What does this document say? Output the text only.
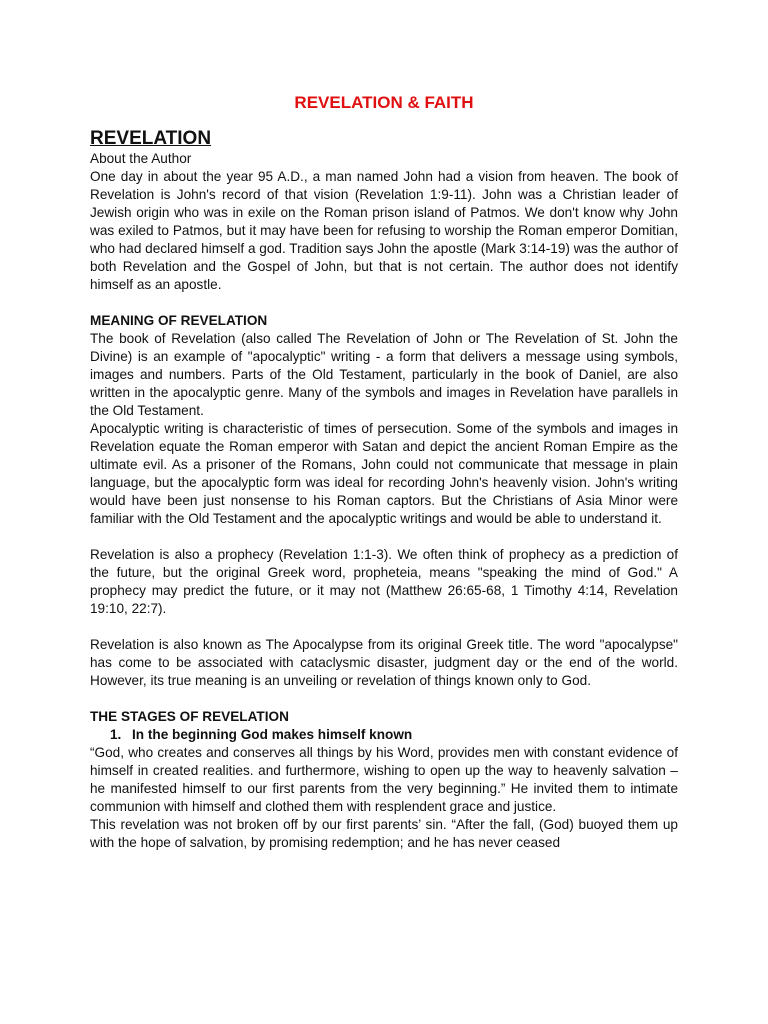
REVELATION & FAITH
REVELATION

About the Author

One day in about the year 95 A.D., a man named John had a vision from heaven. The book of Revelation is John's record of that vision (Revelation 1:9-11). John was a Christian leader of Jewish origin who was in exile on the Roman prison island of Patmos. We don't know why John was exiled to Patmos, but it may have been for refusing to worship the Roman emperor Domitian, who had declared himself a god. Tradition says John the apostle (Mark 3:14-19) was the author of both Revelation and the Gospel of John, but that is not certain. The author does not identify himself as an apostle.

MEANING OF REVELATION

The book of Revelation (also called The Revelation of John or The Revelation of St. John the Divine) is an example of "apocalyptic" writing - a form that delivers a message using symbols, images and numbers. Parts of the Old Testament, particularly in the book of Daniel, are also written in the apocalyptic genre. Many of the symbols and images in Revelation have parallels in the Old Testament.

Apocalyptic writing is characteristic of times of persecution. Some of the symbols and images in Revelation equate the Roman emperor with Satan and depict the ancient Roman Empire as the ultimate evil. As a prisoner of the Romans, John could not communicate that message in plain language, but the apocalyptic form was ideal for recording John's heavenly vision. John's writing would have been just nonsense to his Roman captors. But the Christians of Asia Minor were familiar with the Old Testament and the apocalyptic writings and would be able to understand it.

Revelation is also a prophecy (Revelation 1:1-3). We often think of prophecy as a prediction of the future, but the original Greek word, propheteia, means "speaking the mind of God." A prophecy may predict the future, or it may not (Matthew 26:65-68, 1 Timothy 4:14, Revelation 19:10, 22:7).

Revelation is also known as The Apocalypse from its original Greek title. The word "apocalypse" has come to be associated with cataclysmic disaster, judgment day or the end of the world. However, its true meaning is an unveiling or revelation of things known only to God.

THE STAGES OF REVELATION
1. In the beginning God makes himself known

“God, who creates and conserves all things by his Word, provides men with constant evidence of himself in created realities. and furthermore, wishing to open up the way to heavenly salvation – he manifested himself to our first parents from the very beginning.” He invited them to intimate communion with himself and clothed them with resplendent grace and justice.

This revelation was not broken off by our first parents’ sin. “After the fall, (God) buoyed them up with the hope of salvation, by promising redemption; and he has never ceased
